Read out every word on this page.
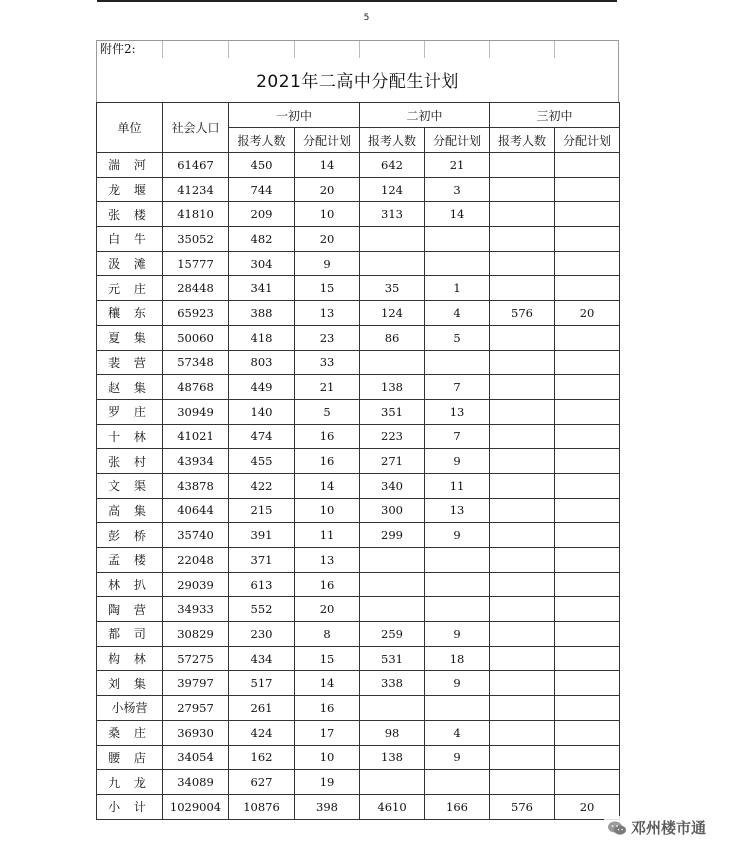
5
附件2:
2021年二高中分配生计划
单位	社会人口	一初中		二初中		三初中	
		报考人数	分配计划	报考人数	分配计划	报考人数	分配计划
湍 河	61467	450	14	642	21		
龙 堰	41234	744	20	124	3		
张 楼	41810	209	10	313	14		
白 牛	35052	482	20				
汲 滩	15777	304	9				
元 庄	28448	341	15	35	1		
穰 东	65923	388	13	124	4	576	20
夏 集	50060	418	23	86	5		
裴 营	57348	803	33				
赵 集	48768	449	21	138	7		
罗 庄	30949	140	5	351	13		
十 林	41021	474	16	223	7		
张 村	43934	455	16	271	9		
文 渠	43878	422	14	340	11		
高 集	40644	215	10	300	13		
彭 桥	35740	391	11	299	9		
孟 楼	22048	371	13				
林 扒	29039	613	16				
陶 营	34933	552	20				
都 司	30829	230	8	259	9		
构 林	57275	434	15	531	18		
刘 集	39797	517	14	338	9		
小杨营	27957	261	16				
桑 庄	36930	424	17	98	4		
腰 店	34054	162	10	138	9		
九 龙	34089	627	19				
小 计	1029004	10876	398	4610	166	576	20
邓州楼市通
